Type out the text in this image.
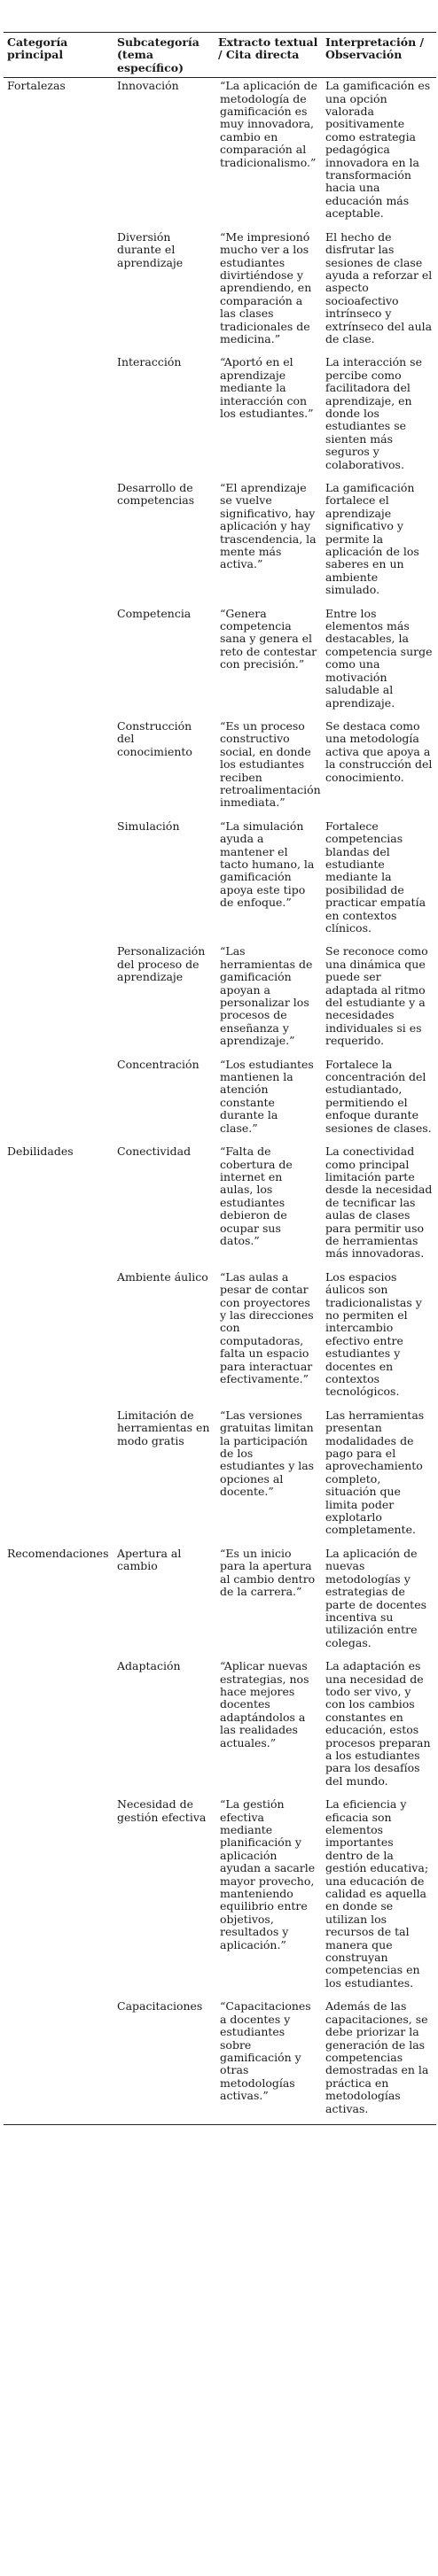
Categoría principal	Subcategoría (tema específico)	Extracto textual / Cita directa	Interpretación / Observación

Fortalezas	Innovación	“La aplicación de metodología de gamificación es muy innovadora, cambio en comparación al tradicionalismo.”	La gamificación es una opción valorada positivamente como estrategia pedagógica innovadora en la transformación hacia una educación más aceptable.

	Diversión durante el aprendizaje	“Me impresionó mucho ver a los estudiantes divirtiéndose y aprendiendo, en comparación a las clases tradicionales de medicina.”	El hecho de disfrutar las sesiones de clase ayuda a reforzar el aspecto socioafectivo intrínseco y extrínseco del aula de clase.

	Interacción	“Aportó en el aprendizaje mediante la interacción con los estudiantes.”	La interacción se percibe como facilitadora del aprendizaje, en donde los estudiantes se sienten más seguros y colaborativos.

	Desarrollo de competencias	“El aprendizaje se vuelve significativo, hay aplicación y hay trascendencia, la mente más activa.”	La gamificación fortalece el aprendizaje significativo y permite la aplicación de los saberes en un ambiente simulado.

	Competencia	“Genera competencia sana y genera el reto de contestar con precisión.”	Entre los elementos más destacables, la competencia surge como una motivación saludable al aprendizaje.

	Construcción del conocimiento	“Es un proceso constructivo social, en donde los estudiantes reciben retroalimentación inmediata.”	Se destaca como una metodología activa que apoya a la construcción del conocimiento.

	Simulación	“La simulación ayuda a mantener el tacto humano, la gamificación apoya este tipo de enfoque.”	Fortalece competencias blandas del estudiante mediante la posibilidad de practicar empatía en contextos clínicos.

	Personalización del proceso de aprendizaje	“Las herramientas de gamificación apoyan a personalizar los procesos de enseñanza y aprendizaje.”	Se reconoce como una dinámica que puede ser adaptada al ritmo del estudiante y a necesidades individuales si es requerido.

	Concentración	“Los estudiantes mantienen la atención constante durante la clase.”	Fortalece la concentración del estudiantado, permitiendo el enfoque durante sesiones de clases.

Debilidades	Conectividad	“Falta de cobertura de internet en aulas, los estudiantes debieron de ocupar sus datos.”	La conectividad como principal limitación parte desde la necesidad de tecnificar las aulas de clases para permitir uso de herramientas más innovadoras.

	Ambiente áulico	“Las aulas a pesar de contar con proyectores y las direcciones con computadoras, falta un espacio para interactuar efectivamente.”	Los espacios áulicos son tradicionalistas y no permiten el intercambio efectivo entre estudiantes y docentes en contextos tecnológicos.

	Limitación de herramientas en modo gratis	“Las versiones gratuitas limitan la participación de los estudiantes y las opciones al docente.”	Las herramientas presentan modalidades de pago para el aprovechamiento completo, situación que limita poder explotarlo completamente.

Recomendaciones	Apertura al cambio	“Es un inicio para la apertura al cambio dentro de la carrera.”	La aplicación de nuevas metodologías y estrategias de parte de docentes incentiva su utilización entre colegas.

	Adaptación	“Aplicar nuevas estrategias, nos hace mejores docentes adaptándolos a las realidades actuales.”	La adaptación es una necesidad de todo ser vivo, y con los cambios constantes en educación, estos procesos preparan a los estudiantes para los desafíos del mundo.

	Necesidad de gestión efectiva	“La gestión efectiva mediante planificación y aplicación ayudan a sacarle mayor provecho, manteniendo equilibrio entre objetivos, resultados y aplicación.”	La eficiencia y eficacia son elementos importantes dentro de la gestión educativa; una educación de calidad es aquella en donde se utilizan los recursos de tal manera que construyan competencias en los estudiantes.

	Capacitaciones	“Capacitaciones a docentes y estudiantes sobre gamificación y otras metodologías activas.”	Además de las capacitaciones, se debe priorizar la generación de las competencias demostradas en la práctica en metodologías activas.
